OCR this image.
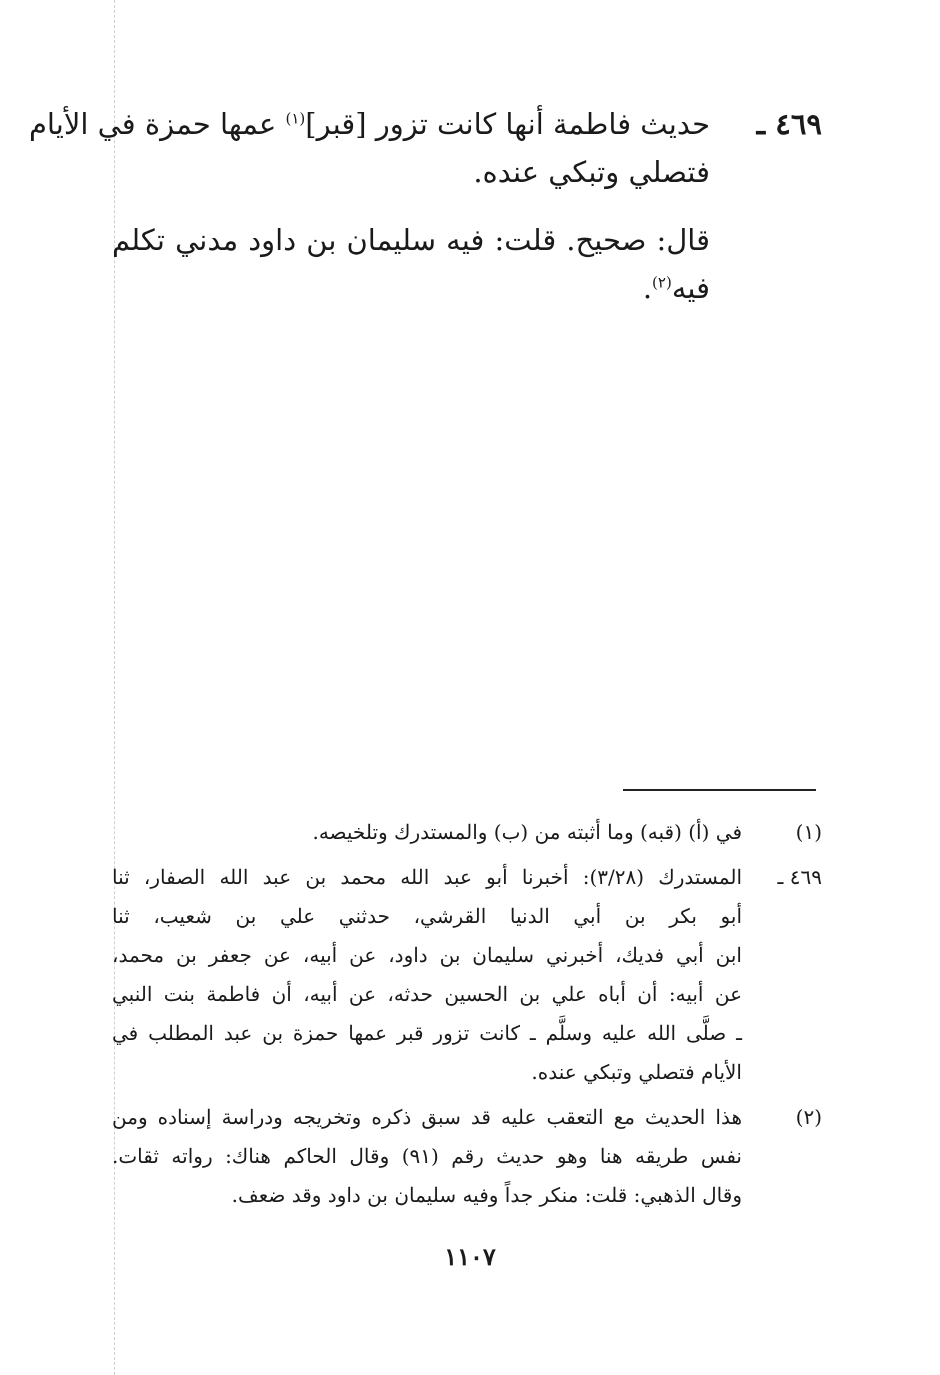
٤٦٩ ـ
حديث فاطمة أنها كانت تزور [قبر]$^{(١)}$ عمها حمزة في الأيام
فتصلي وتبكي عنده.
قال: صحيح. قلت: فيه سليمان بن داود مدني تكلم
فيه$^{(٢)}$.
(١)
في (أ) (قبه) وما أثبته من (ب) والمستدرك وتلخيصه.
٤٦٩ ـ
المستدرك (٣/٢٨): أخبرنا أبو عبد الله محمد بن عبد الله الصفار، ثنا
أبو بكر بن أبي الدنيا القرشي، حدثني علي بن شعيب، ثنا
ابن أبي فديك، أخبرني سليمان بن داود، عن أبيه، عن جعفر بن محمد،
عن أبيه: أن أباه علي بن الحسين حدثه، عن أبيه، أن فاطمة بنت النبي
ـ صلَّى الله عليه وسلَّم ـ كانت تزور قبر عمها حمزة بن عبد المطلب في
الأيام فتصلي وتبكي عنده.
(٢)
هذا الحديث مع التعقب عليه قد سبق ذكره وتخريجه ودراسة إسناده ومن
نفس طريقه هنا وهو حديث رقم (٩١) وقال الحاكم هناك: رواته ثقات.
وقال الذهبي: قلت: منكر جداً وفيه سليمان بن داود وقد ضعف.
١١٠٧
